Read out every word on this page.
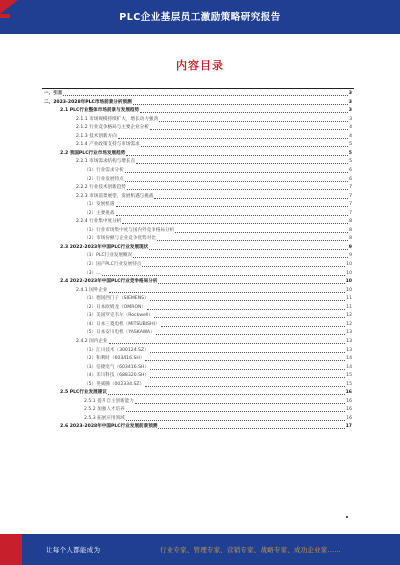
PLC企业基层员工激励策略研究报告
内容目录
一、引言	3
二、2023-2028年PLC市场前景分析预测	3
2.1 PLC行业整体市场前景与发展趋势	3
2.1.1 市场规模持续扩大，增长动力强劲	3
2.1.2 行业竞争格局与主要企业分析	4
2.1.3 技术创新方向	4
2.1.4 产业政策支持与市场需求	5
2.2 我国PLC行业市场发展趋势	5
2.2.1 市场需求结构与增长点	5
（1）行业需求分析	6
（2）行业发展特点	6
2.2.2 行业技术创新趋势	7
2.2.3 市场前景展望、发展机遇与挑战	7
（1）发展机遇	7
（2）主要挑战	7
2.2.4 行业集中度分析	8
（1）行业市场集中度与国内外竞争格局分析	8
（2）市场份额与企业竞争优势对比	8
2.3 2022-2023年中国PLC行业发展现状	9
（1）PLC行业发展概况	9
（2）国产PLC行业发展特点	10
（3）…	10
2.4 2022-2023年中国PLC行业竞争格局分析	10
2.4.1 国外企业	10
（1）德国西门子（SIEMENS）	11
（2）日本欧姆龙（OMRON）	11
（3）美国罗克韦尔（Rockwell）	12
（4）日本三菱电机（MITSUBISHI）	12
（5）日本安川电机（YASKAWA）	13
2.4.2 国内企业	13
（1）汇川技术（300124.SZ）	13
（2）和利时（603416.SH）	14
（3）信捷电气（603416.SH）	14
（4）禾川科技（688320.SH）	15
（5）英威腾（002334.SZ）	15
2.5 PLC行业发展建议	16
2.5.1 提升自主创新能力	16
2.5.2 加强人才培养	16
2.5.3 拓展应用领域	16
2.6 2023-2028年中国PLC行业发展前景预测	17
让每个人都能成为	行业专家、管理专家、营销专家、战略专家、成功企业家……
